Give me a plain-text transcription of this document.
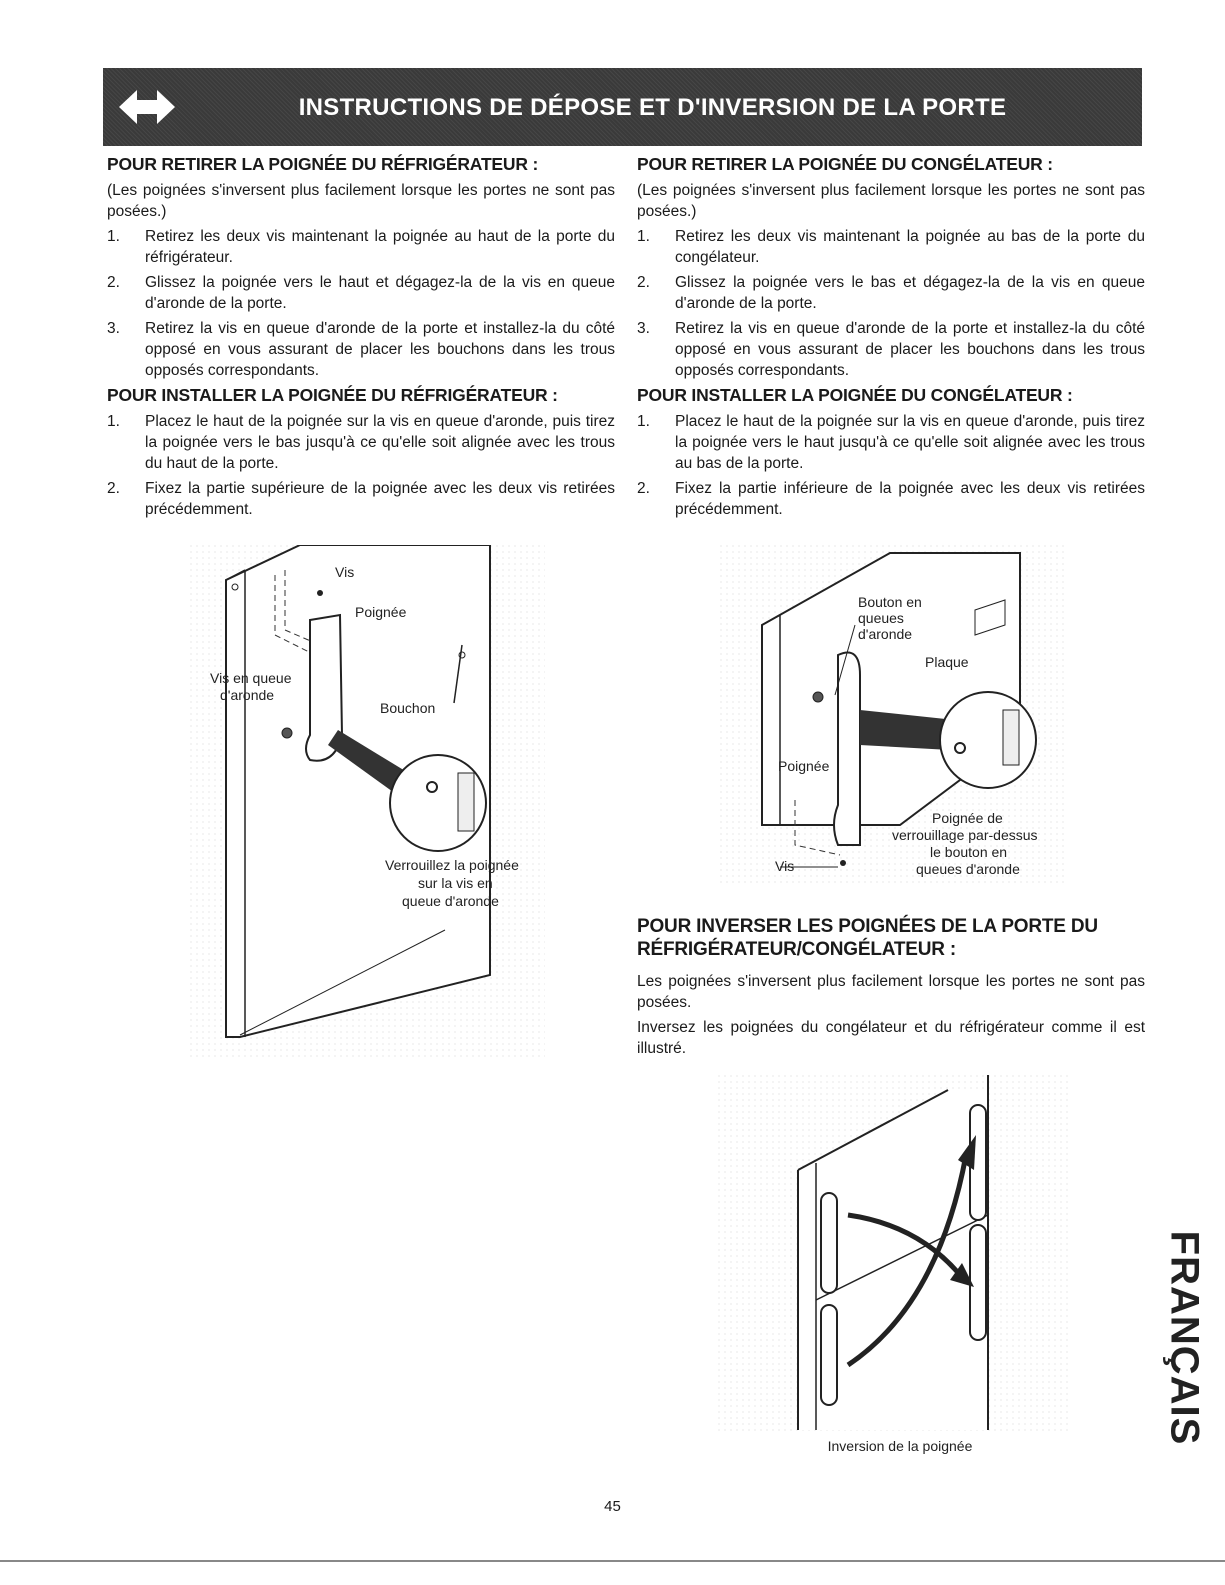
INSTRUCTIONS DE DÉPOSE ET D'INVERSION DE LA PORTE
POUR RETIRER LA POIGNÉE DU RÉFRIGÉRATEUR :

(Les poignées s'inversent plus facilement lorsque les portes ne sont pas posées.)

1. Retirez les deux vis maintenant la poignée au haut de la porte du réfrigérateur.
2. Glissez la poignée vers le haut et dégagez-la de la vis en queue d'aronde de la porte.
3. Retirez la vis en queue d'aronde de la porte et installez-la du côté opposé en vous assurant de placer les bouchons dans les trous opposés correspondants.
POUR INSTALLER LA POIGNÉE DU RÉFRIGÉRATEUR :
1. Placez le haut de la poignée sur la vis en queue d'aronde, puis tirez la poignée vers le bas jusqu'à ce qu'elle soit alignée avec les trous du haut de la porte.
2. Fixez la partie supérieure de la poignée avec les deux vis retirées précédemment.
POUR RETIRER LA POIGNÉE DU CONGÉLATEUR :

(Les poignées s'inversent plus facilement lorsque les portes ne sont pas posées.)

1. Retirez les deux vis maintenant la poignée au bas de la porte du congélateur.
2. Glissez la poignée vers le bas et dégagez-la de la vis en queue d'aronde de la porte.
3. Retirez la vis en queue d'aronde de la porte et installez-la du côté opposé en vous assurant de placer les bouchons dans les trous opposés correspondants.
POUR INSTALLER LA POIGNÉE DU CONGÉLATEUR :
1. Placez le haut de la poignée sur la vis en queue d'aronde, puis tirez la poignée vers le haut jusqu'à ce qu'elle soit alignée avec les trous au bas de la porte.
2. Fixez la partie inférieure de la poignée avec les deux vis retirées précédemment.
Vis
Poignée
Vis en queue
d'aronde
Bouchon
Verrouillez la poignée
sur la vis en
queue d'aronde
Bouton en
queues
d'aronde
Plaque
Poignée
Poignée de
verrouillage par-dessus
le bouton en
queues d'aronde
Vis
POUR INVERSER LES POIGNÉES DE LA PORTE DU
RÉFRIGÉRATEUR/CONGÉLATEUR :

Les poignées s'inversent plus facilement lorsque les portes ne sont pas posées.

Inversez les poignées du congélateur et du réfrigérateur comme il est illustré.

Inversion de la poignée
FRANÇAIS
45
